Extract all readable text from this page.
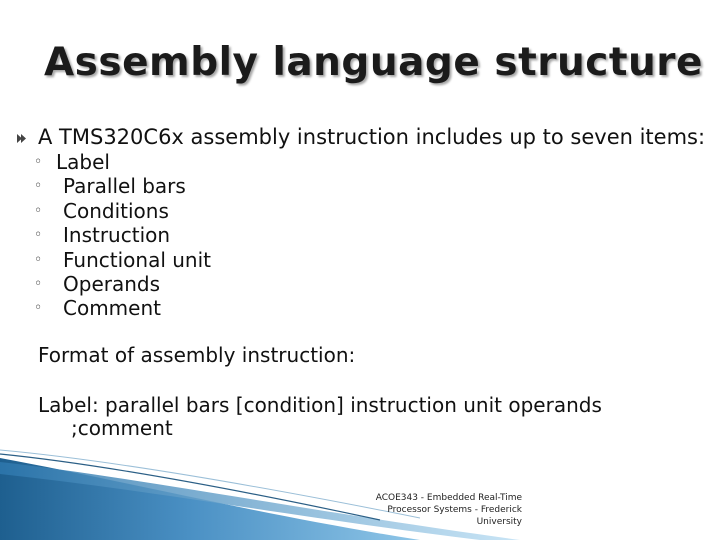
Assembly language structure
A TMS320C6x assembly instruction includes up to seven items:
◦ Label
◦ Parallel bars
◦ Conditions
◦ Instruction
◦ Functional unit
◦ Operands
◦ Comment
Format of assembly instruction:
Label: parallel bars [condition] instruction unit operands
;comment
ACOE343 - Embedded Real-Time
Processor Systems - Frederick
University
